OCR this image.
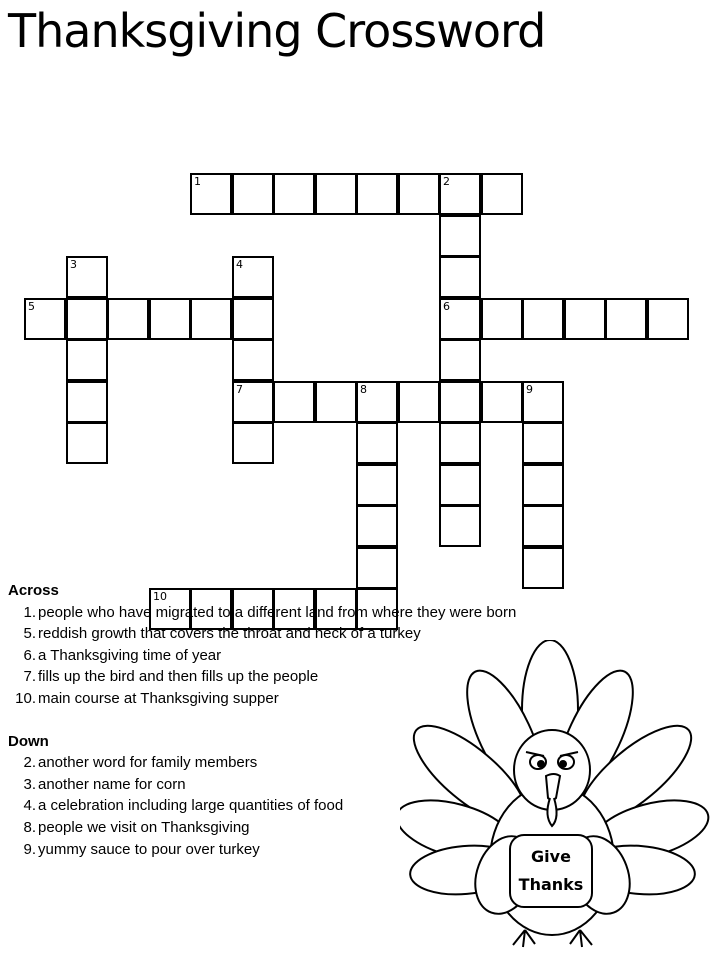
Thanksgiving Crossword
1	2
3	4
5	6
7	8	9
10
Across
1. people who have migrated to a different land from where they were born
5. reddish growth that covers the throat and neck of a turkey
6. a Thanksgiving time of year
7. fills up the bird and then fills up the people
10. main course at Thanksgiving supper
Down
2. another word for family members
3. another name for corn
4. a celebration including large quantities of food
8. people we visit on Thanksgiving
9. yummy sauce to pour over turkey	Give
Thanks
